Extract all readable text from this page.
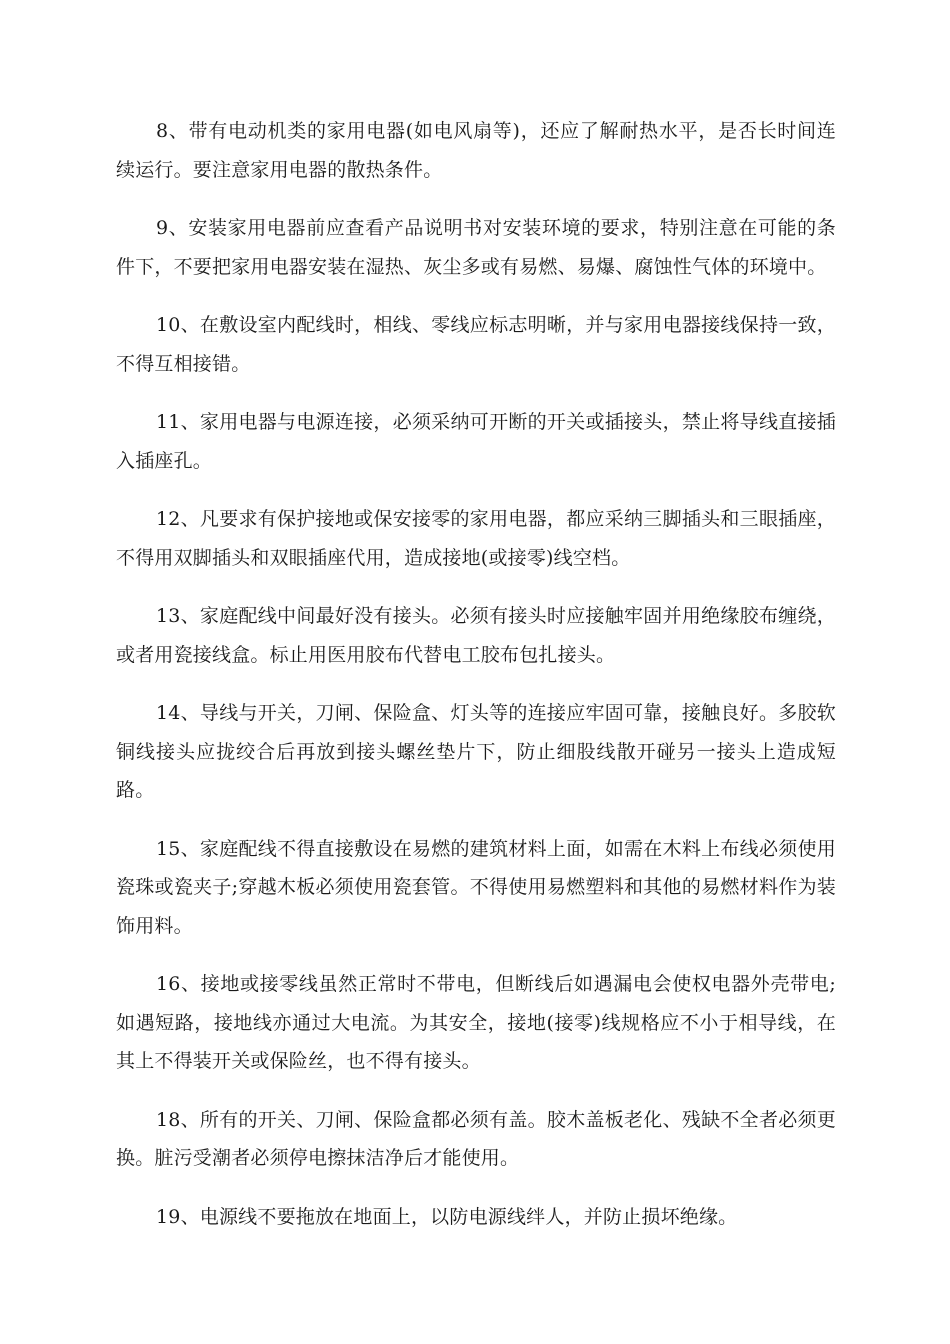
8、带有电动机类的家用电器(如电风扇等)，还应了解耐热水平，是否长时间连续运行。要注意家用电器的散热条件。

9、安装家用电器前应查看产品说明书对安装环境的要求，特别注意在可能的条件下，不要把家用电器安装在湿热、灰尘多或有易燃、易爆、腐蚀性气体的环境中。

10、在敷设室内配线时，相线、零线应标志明晰，并与家用电器接线保持一致，不得互相接错。

11、家用电器与电源连接，必须采纳可开断的开关或插接头，禁止将导线直接插入插座孔。

12、凡要求有保护接地或保安接零的家用电器，都应采纳三脚插头和三眼插座，不得用双脚插头和双眼插座代用，造成接地(或接零)线空档。

13、家庭配线中间最好没有接头。必须有接头时应接触牢固并用绝缘胶布缠绕，或者用瓷接线盒。标止用医用胶布代替电工胶布包扎接头。

14、导线与开关，刀闸、保险盒、灯头等的连接应牢固可靠，接触良好。多胶软铜线接头应拢绞合后再放到接头螺丝垫片下，防止细股线散开碰另一接头上造成短路。

15、家庭配线不得直接敷设在易燃的建筑材料上面，如需在木料上布线必须使用瓷珠或瓷夹子;穿越木板必须使用瓷套管。不得使用易燃塑料和其他的易燃材料作为装饰用料。

16、接地或接零线虽然正常时不带电，但断线后如遇漏电会使权电器外壳带电;如遇短路，接地线亦通过大电流。为其安全，接地(接零)线规格应不小于相导线，在其上不得装开关或保险丝，也不得有接头。

18、所有的开关、刀闸、保险盒都必须有盖。胶木盖板老化、残缺不全者必须更换。脏污受潮者必须停电擦抹洁净后才能使用。

19、电源线不要拖放在地面上，以防电源线绊人，并防止损坏绝缘。
